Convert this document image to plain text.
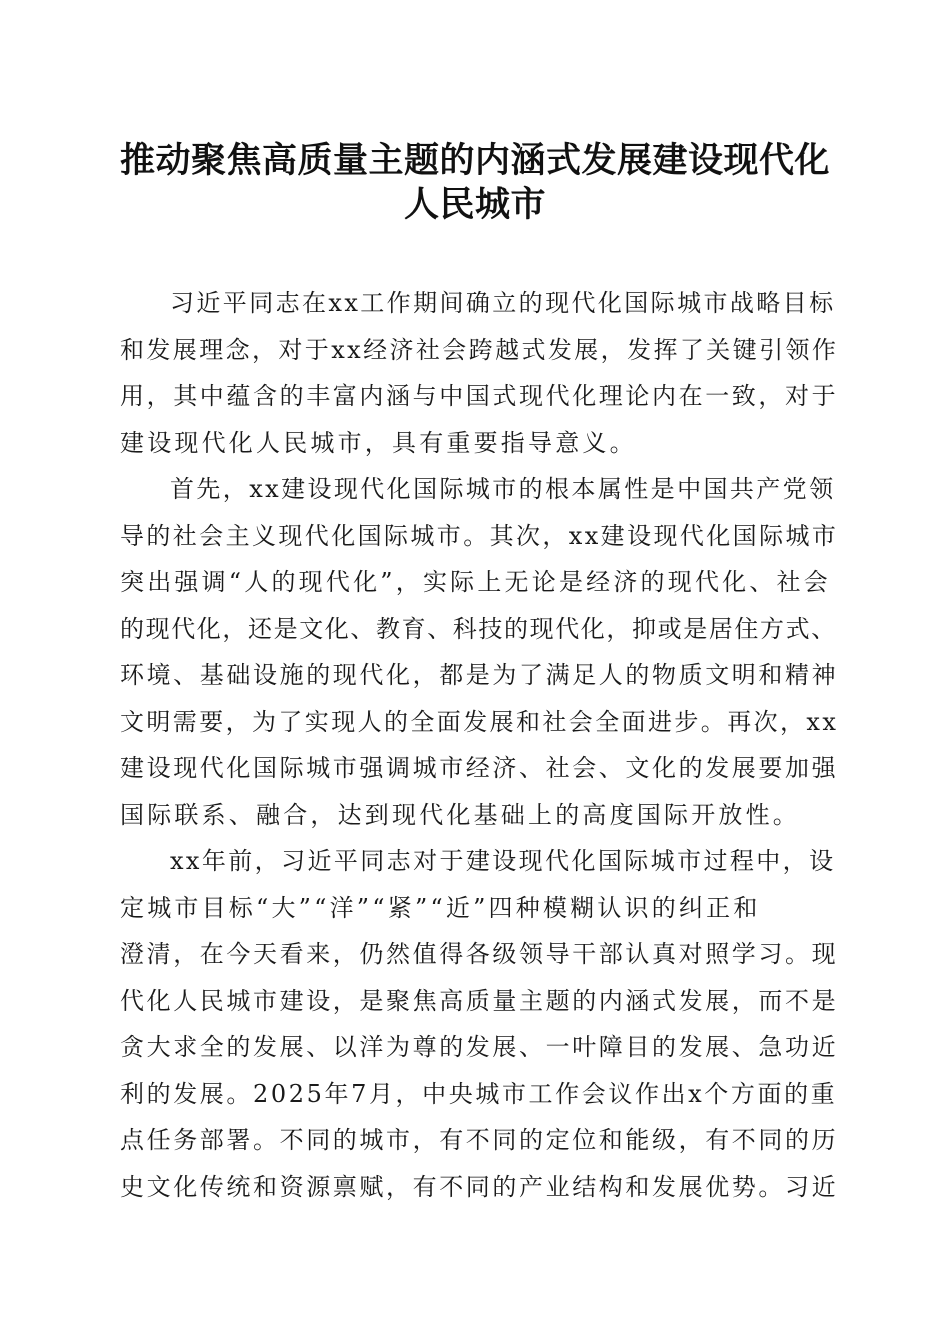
推动聚焦高质量主题的内涵式发展建设现代化
人民城市
习近平同志在xx工作期间确立的现代化国际城市战略目标
和发展理念，对于xx经济社会跨越式发展，发挥了关键引领作
用，其中蕴含的丰富内涵与中国式现代化理论内在一致，对于
建设现代化人民城市，具有重要指导意义。
首先，xx建设现代化国际城市的根本属性是中国共产党领
导的社会主义现代化国际城市。其次，xx建设现代化国际城市
突出强调“人的现代化”，实际上无论是经济的现代化、社会
的现代化，还是文化、教育、科技的现代化，抑或是居住方式、
环境、基础设施的现代化，都是为了满足人的物质文明和精神
文明需要，为了实现人的全面发展和社会全面进步。再次，xx
建设现代化国际城市强调城市经济、社会、文化的发展要加强
国际联系、融合，达到现代化基础上的高度国际开放性。
xx年前，习近平同志对于建设现代化国际城市过程中，设
定城市目标“大”“洋”“紧”“近”四种模糊认识的纠正和
澄清，在今天看来，仍然值得各级领导干部认真对照学习。现
代化人民城市建设，是聚焦高质量主题的内涵式发展，而不是
贪大求全的发展、以洋为尊的发展、一叶障目的发展、急功近
利的发展。2025年7月，中央城市工作会议作出x个方面的重
点任务部署。不同的城市，有不同的定位和能级，有不同的历
史文化传统和资源禀赋，有不同的产业结构和发展优势。习近
